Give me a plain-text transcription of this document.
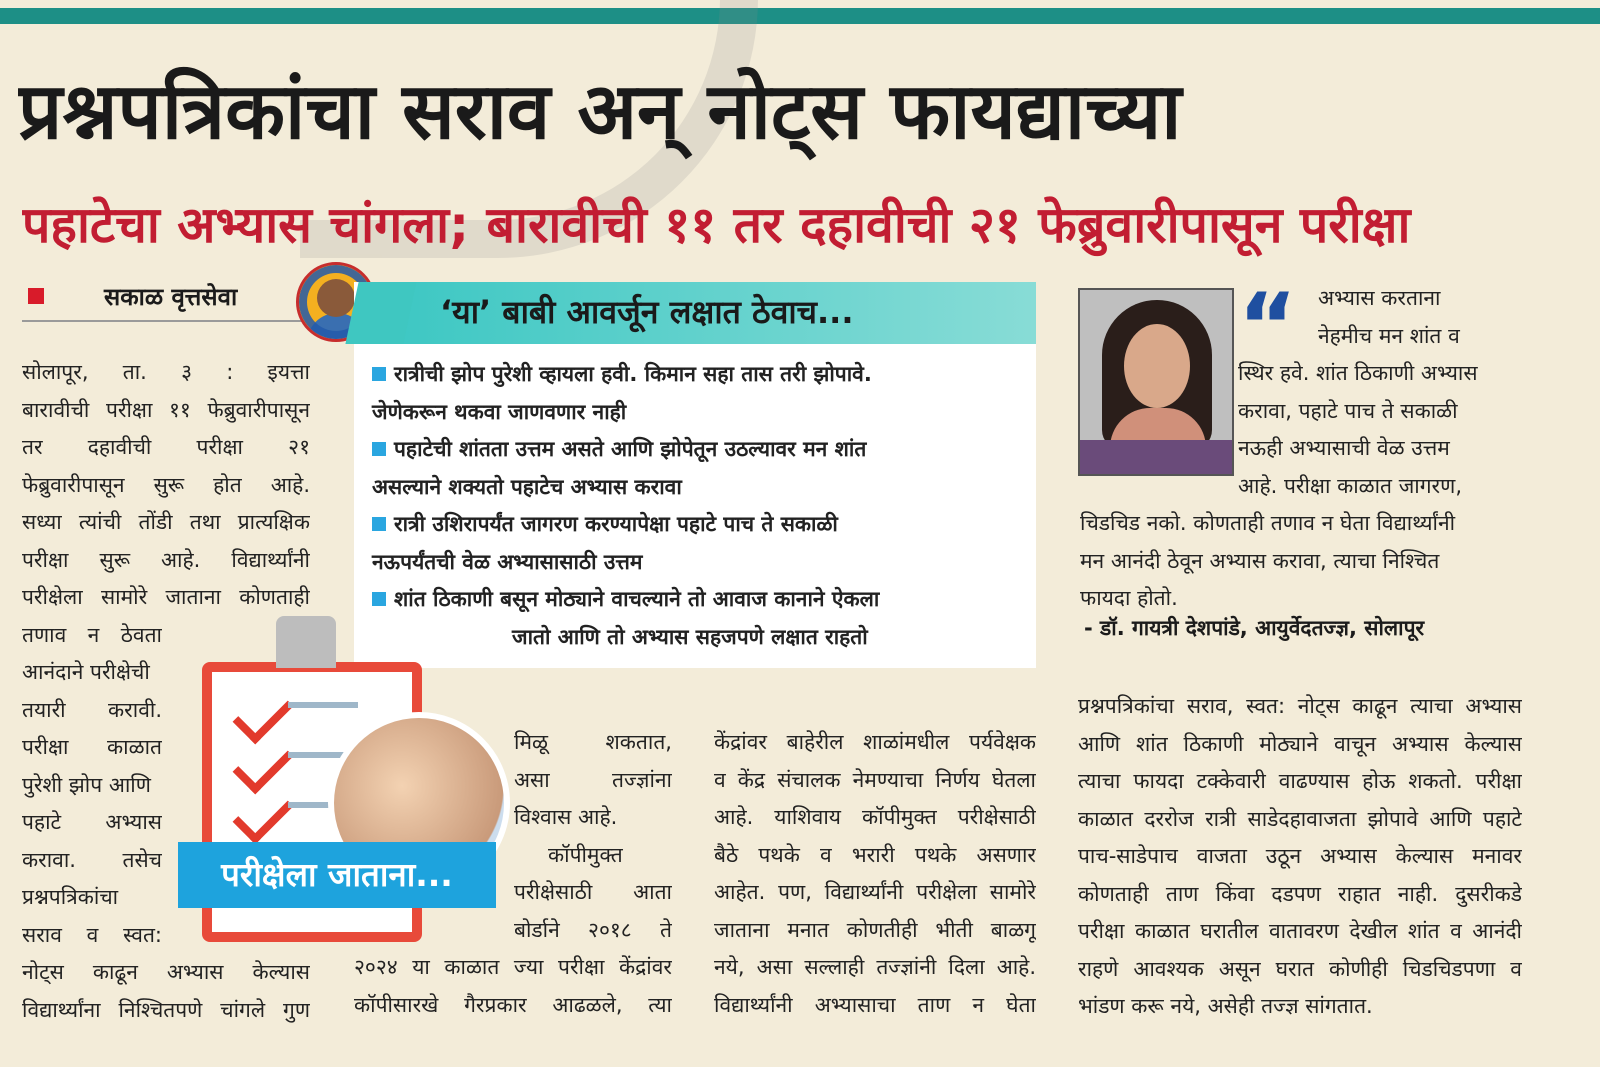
प्रश्नपत्रिकांचा सराव अन् नोट्स फायद्याच्या
पहाटेचा अभ्यास चांगला; बारावीची ११ तर दहावीची २१ फेब्रुवारीपासून परीक्षा
सकाळ वृत्तसेवा
सोलापूर, ता. ३ : इयत्ता
बारावीची परीक्षा ११ फेब्रुवारीपासून
तर दहावीची परीक्षा २१
फेब्रुवारीपासून सुरू होत आहे.
सध्या त्यांची तोंडी तथा प्रात्यक्षिक
परीक्षा सुरू आहे. विद्यार्थ्यांनी
परीक्षेला सामोरे जाताना कोणताही
तणाव न ठेवता
आनंदाने परीक्षेची
तयारी करावी.
परीक्षा काळात
पुरेशी झोप आणि
पहाटे अभ्यास
करावा. तसेच
प्रश्नपत्रिकांचा
सराव व स्वत:
नोट्स काढून अभ्यास केल्यास
विद्यार्थ्यांना निश्चितपणे चांगले गुण
‘या’ बाबी आवर्जून लक्षात ठेवाच...
रात्रीची झोप पुरेशी व्हायला हवी. किमान सहा तास तरी झोपावे.
जेणेकरून थकवा जाणवणार नाही
पहाटेची शांतता उत्तम असते आणि झोपेतून उठल्यावर मन शांत
असल्याने शक्यतो पहाटेच अभ्यास करावा
रात्री उशिरापर्यंत जागरण करण्यापेक्षा पहाटे पाच ते सकाळी
नऊपर्यंतची वेळ अभ्यासासाठी उत्तम
शांत ठिकाणी बसून मोठ्याने वाचल्याने तो आवाज कानाने ऐकला
जातो आणि तो अभ्यास सहजपणे लक्षात राहतो
परीक्षेला जाताना...
मिळू शकतात,
असा तज्ज्ञांना
विश्वास आहे.
कॉपीमुक्त
परीक्षेसाठी आता
बोर्डाने २०१८ ते
२०२४ या काळात ज्या परीक्षा केंद्रांवर
कॉपीसारखे गैरप्रकार आढळले, त्या
केंद्रांवर बाहेरील शाळांमधील पर्यवेक्षक
व केंद्र संचालक नेमण्याचा निर्णय घेतला
आहे. याशिवाय कॉपीमुक्त परीक्षेसाठी
बैठे पथके व भरारी पथके असणार
आहेत. पण, विद्यार्थ्यांनी परीक्षेला सामोरे
जाताना मनात कोणतीही भीती बाळगू
नये, असा सल्लाही तज्ज्ञांनी दिला आहे.
विद्यार्थ्यांनी अभ्यासाचा ताण न घेता
“ अभ्यास करताना
नेहमीच मन शांत व
स्थिर हवे. शांत ठिकाणी अभ्यास
करावा, पहाटे पाच ते सकाळी
नऊही अभ्यासाची वेळ उत्तम
आहे. परीक्षा काळात जागरण,
चिडचिड नको. कोणताही तणाव न घेता विद्यार्थ्यांनी
मन आनंदी ठेवून अभ्यास करावा, त्याचा निश्चित
फायदा होतो.
- डॉ. गायत्री देशपांडे, आयुर्वेदतज्ज्ञ, सोलापूर
प्रश्नपत्रिकांचा सराव, स्वत: नोट्स काढून त्याचा अभ्यास
आणि शांत ठिकाणी मोठ्याने वाचून अभ्यास केल्यास
त्याचा फायदा टक्केवारी वाढण्यास होऊ शकतो. परीक्षा
काळात दररोज रात्री साडेदहावाजता झोपावे आणि पहाटे
पाच-साडेपाच वाजता उठून अभ्यास केल्यास मनावर
कोणताही ताण किंवा दडपण राहात नाही. दुसरीकडे
परीक्षा काळात घरातील वातावरण देखील शांत व आनंदी
राहणे आवश्यक असून घरात कोणीही चिडचिडपणा व
भांडण करू नये, असेही तज्ज्ञ सांगतात.
